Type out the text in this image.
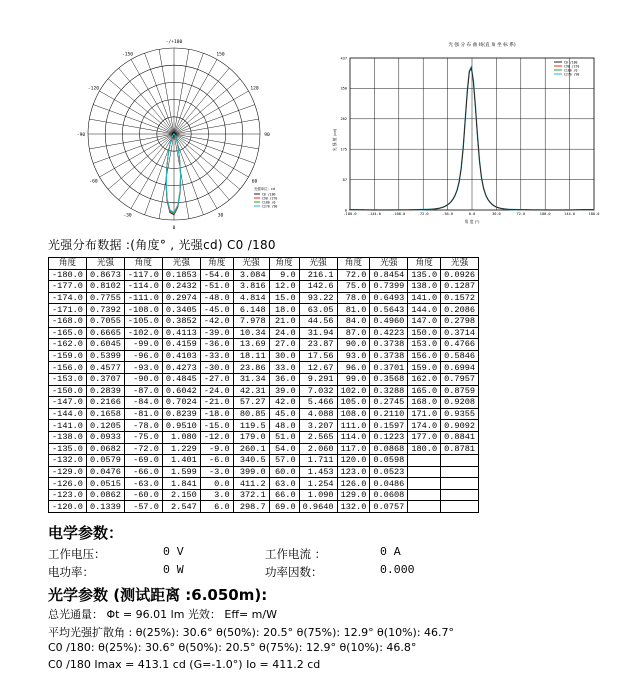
-/+180
-150	150
-120	120
-90	90
-60	60
-30	30
0
光强单位：cd
C0 /180
C90 /270
C180 /0
C270 /90
光 强 分 布 曲 线(直 角 坐 标 系)
0
87
175
262
350
437
-180.0	-144.0	-108.0	-72.0	-36.0	0.0	36.0	72.0	108.0	144.0	180.0
光 强 值 (cd)
角 度 (°)
C0 /180
C90 /270
C180 /0
C270 /90
光强分布数据 :(角度° , 光强cd) C0 /180
角度	光强	角度	光强	角度	光强	角度	光强	角度	光强	角度	光强
-180.0	0.8673	-117.0	0.1853	-54.0	3.084	9.0	216.1	72.0	0.8454	135.0	0.0926
-177.0	0.8102	-114.0	0.2432	-51.0	3.816	12.0	142.6	75.0	0.7399	138.0	0.1287
-174.0	0.7755	-111.0	0.2974	-48.0	4.814	15.0	93.22	78.0	0.6493	141.0	0.1572
-171.0	0.7392	-108.0	0.3405	-45.0	6.148	18.0	63.05	81.0	0.5643	144.0	0.2086
-168.0	0.7055	-105.0	0.3852	-42.0	7.978	21.0	44.56	84.0	0.4960	147.0	0.2798
-165.0	0.6665	-102.0	0.4113	-39.0	10.34	24.0	31.94	87.0	0.4223	150.0	0.3714
-162.0	0.6045	-99.0	0.4159	-36.0	13.69	27.0	23.87	90.0	0.3738	153.0	0.4766
-159.0	0.5399	-96.0	0.4103	-33.0	18.11	30.0	17.56	93.0	0.3738	156.0	0.5846
-156.0	0.4577	-93.0	0.4273	-30.0	23.86	33.0	12.67	96.0	0.3701	159.0	0.6994
-153.0	0.3707	-90.0	0.4845	-27.0	31.34	36.0	9.291	99.0	0.3568	162.0	0.7957
-150.0	0.2839	-87.0	0.6042	-24.0	42.31	39.0	7.032	102.0	0.3288	165.0	0.8759
-147.0	0.2166	-84.0	0.7024	-21.0	57.27	42.0	5.466	105.0	0.2745	168.0	0.9208
-144.0	0.1658	-81.0	0.8239	-18.0	80.85	45.0	4.088	108.0	0.2110	171.0	0.9355
-141.0	0.1205	-78.0	0.9510	-15.0	119.5	48.0	3.207	111.0	0.1597	174.0	0.9092
-138.0	0.0933	-75.0	1.080	-12.0	179.0	51.0	2.565	114.0	0.1223	177.0	0.8841
-135.0	0.0682	-72.0	1.229	-9.0	260.1	54.0	2.060	117.0	0.0868	180.0	0.8781
-132.0	0.0579	-69.0	1.401	-6.0	340.5	57.0	1.711	120.0	0.0598		
-129.0	0.0476	-66.0	1.599	-3.0	399.0	60.0	1.453	123.0	0.0523		
-126.0	0.0515	-63.0	1.841	0.0	411.2	63.0	1.254	126.0	0.0486		
-123.0	0.0862	-60.0	2.150	3.0	372.1	66.0	1.090	129.0	0.0608		
-120.0	0.1339	-57.0	2.547	6.0	298.7	69.0	0.9640	132.0	0.0757		
电学参数：
工作电压：	0 V	工作电流 ：	0 A
电功率：	0 W	功率因数：	0.000
光学参数 (测试距离 :6.050m):
总光通量： Φt = 96.01 lm 光效： Eff= m/W
平均光强扩散角 : θ(25%): 30.6° θ(50%): 20.5° θ(75%): 12.9° θ(10%): 46.7°
C0 /180: θ(25%): 30.6° θ(50%): 20.5° θ(75%): 12.9° θ(10%): 46.8°
C0 /180 Imax = 413.1 cd (G=-1.0°) Io = 411.2 cd
